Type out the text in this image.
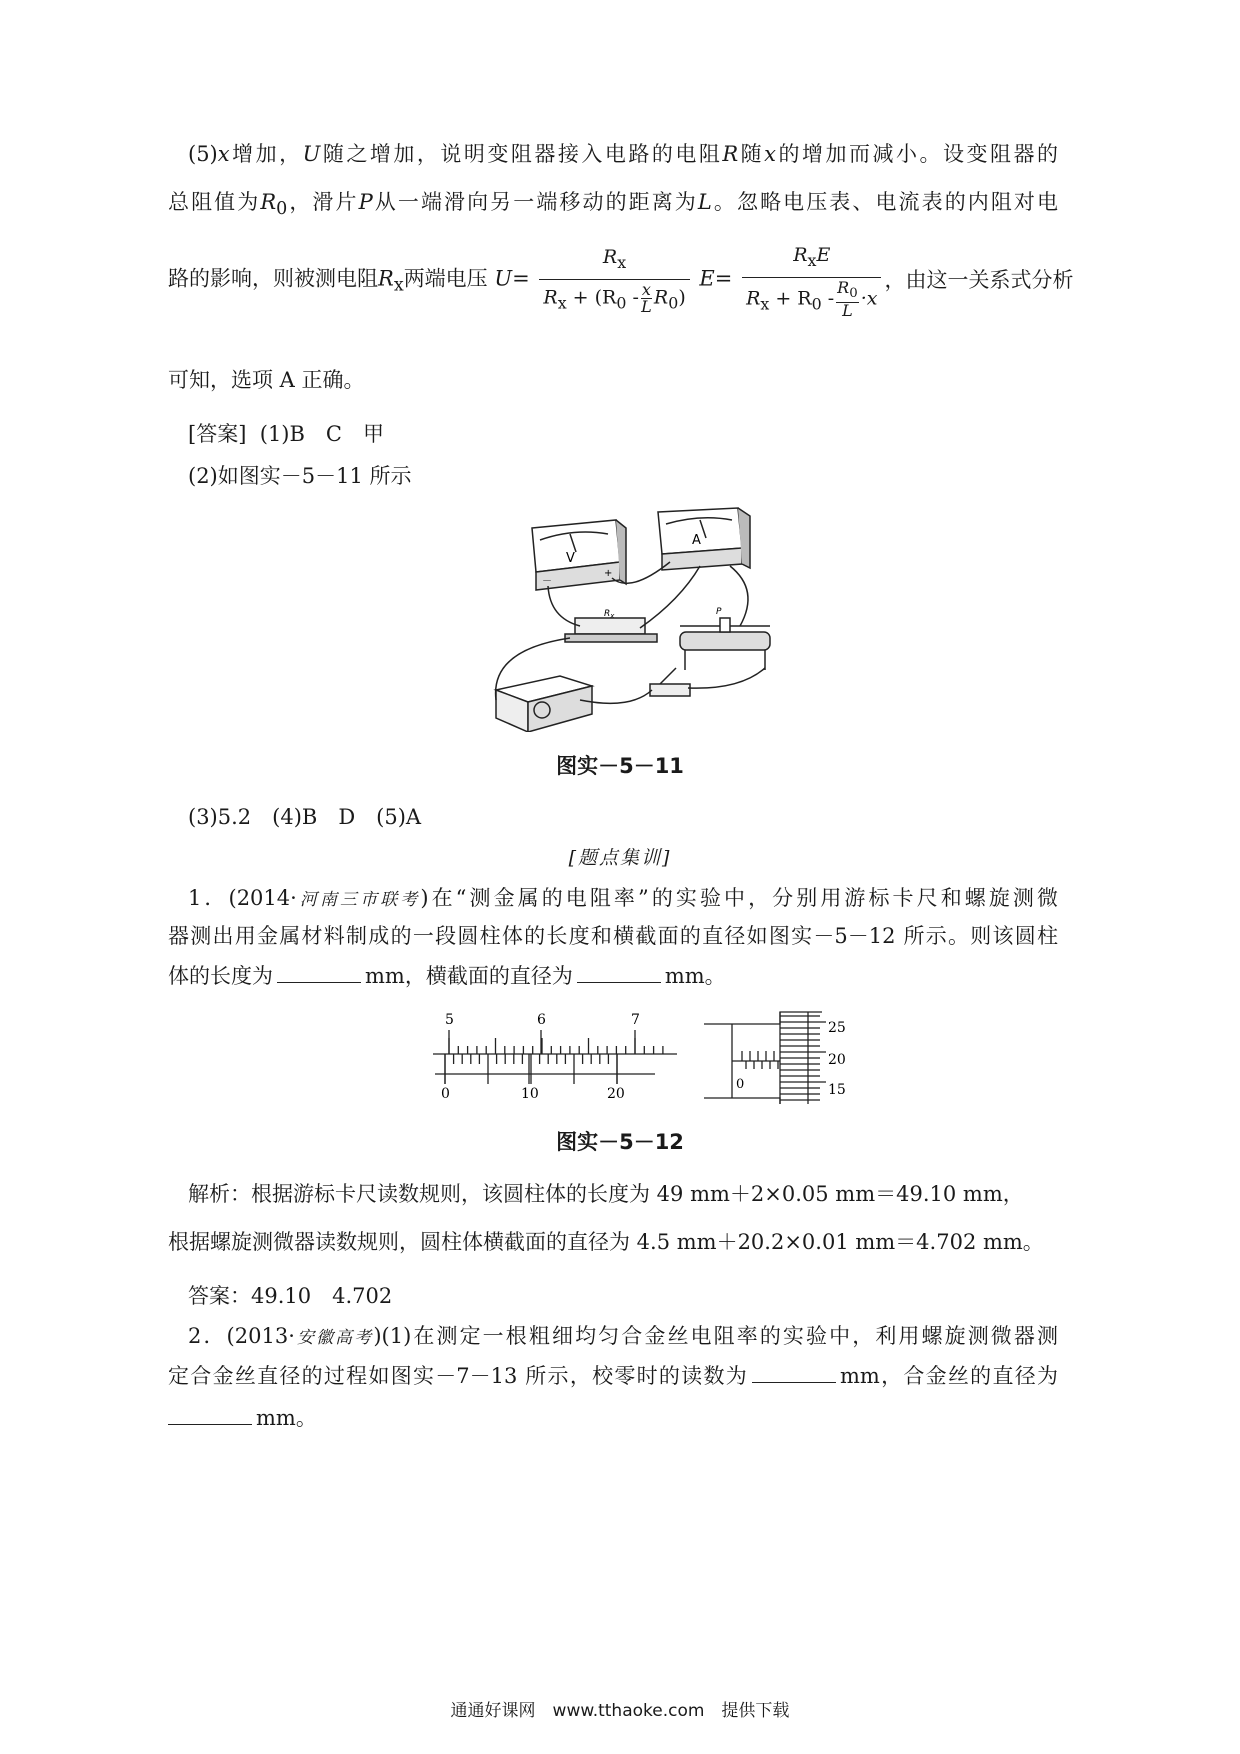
(5)x增加，U随之增加，说明变阻器接入电路的电阻R随x的增加而减小。设变阻器的
总阻值为$R_0$，滑片P从一端滑向另一端移动的距离为L。忽略电压表、电流表的内阻对电
路的影响，则被测电阻$R_x$两端电压 $U= \frac{R_x}{R_x + (R_0 - \frac{x}{L} R_0)} E= \frac{R_xE}{R_x + R_0 - \frac{R_0}{L} \cdot x}$ ，由这一关系式分析
可知，选项 A 正确。
[答案] (1)B　C　甲
(2)如图实－5－11 所示
V
A
－
+
$R_x$	P
图实－5－11
(3)5.2　(4)B　D　(5)A
[题点集训]
1．(2014·河南三市联考)在“测金属的电阻率”的实验中，分别用游标卡尺和螺旋测微
器测出用金属材料制成的一段圆柱体的长度和横截面的直径如图实－5－12 所示。则该圆柱
体的长度为	mm，横截面的直径为	mm。
5	6	7
0	10	20
25
20
15
0
图实－5－12
解析：根据游标卡尺读数规则，该圆柱体的长度为 49 mm＋2×0.05 mm＝49.10 mm，
根据螺旋测微器读数规则，圆柱体横截面的直径为 4.5 mm＋20.2×0.01 mm＝4.702 mm。
答案：49.10　4.702
2．(2013·安徽高考)(1)在测定一根粗细均匀合金丝电阻率的实验中，利用螺旋测微器测
定合金丝直径的过程如图实－7－13 所示，校零时的读数为	mm，合金丝的直径为
mm。
通通好课网　www.tthaoke.com　提供下载
